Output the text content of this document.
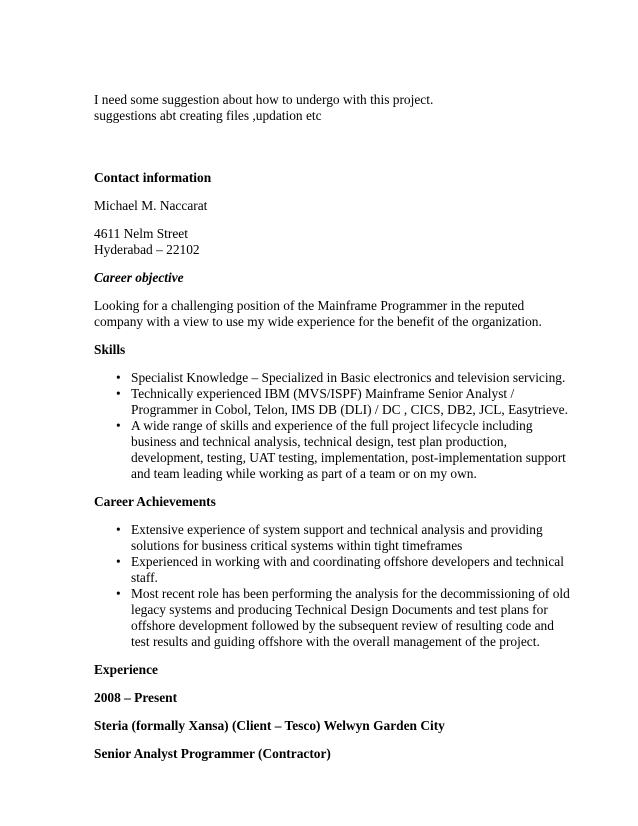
I need some suggestion about how to undergo with this project.
suggestions abt creating files ,updation etc
Contact information
Michael M. Naccarat
4611 Nelm Street
Hyderabad – 22102
Career objective
Looking for a challenging position of the Mainframe Programmer in the reputed
company with a view to use my wide experience for the benefit of the organization.
Skills
• Specialist Knowledge – Specialized in Basic electronics and television servicing.
• Technically experienced IBM (MVS/ISPF) Mainframe Senior Analyst /
Programmer in Cobol, Telon, IMS DB (DLI) / DC , CICS, DB2, JCL, Easytrieve.
• A wide range of skills and experience of the full project lifecycle including
business and technical analysis, technical design, test plan production,
development, testing, UAT testing, implementation, post-implementation support
and team leading while working as part of a team or on my own.
Career Achievements
• Extensive experience of system support and technical analysis and providing
solutions for business critical systems within tight timeframes
• Experienced in working with and coordinating offshore developers and technical
staff.
• Most recent role has been performing the analysis for the decommissioning of old
legacy systems and producing Technical Design Documents and test plans for
offshore development followed by the subsequent review of resulting code and
test results and guiding offshore with the overall management of the project.
Experience
2008 – Present
Steria (formally Xansa) (Client – Tesco) Welwyn Garden City
Senior Analyst Programmer (Contractor)
